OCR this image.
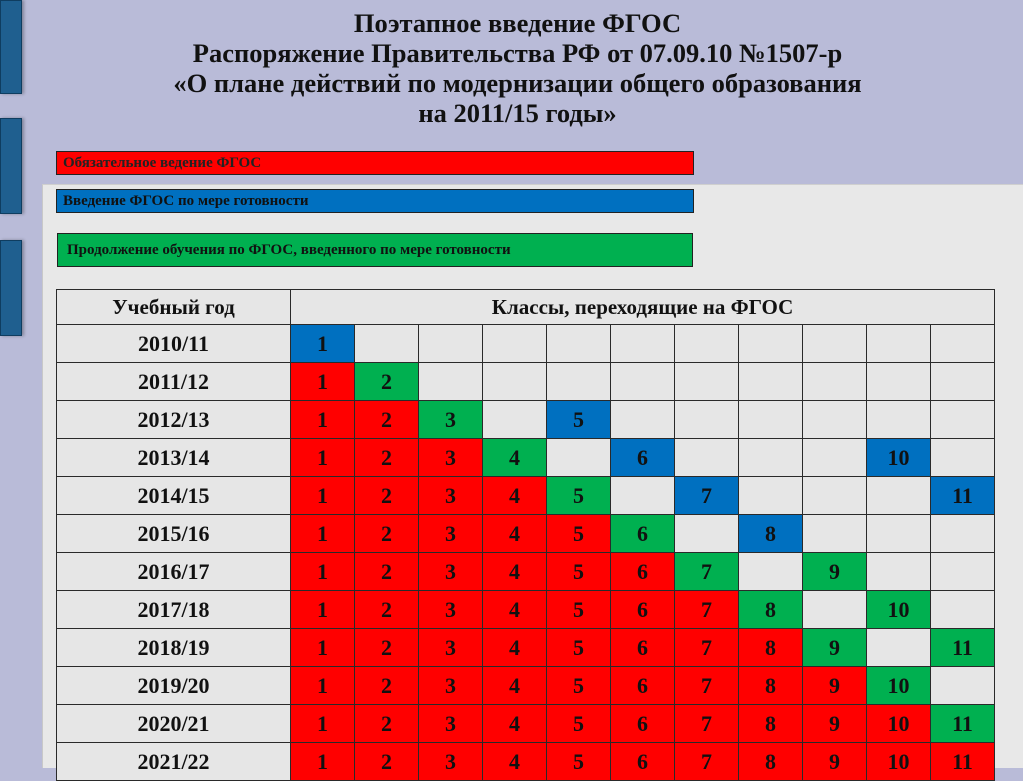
Поэтапное введение ФГОС
Распоряжение Правительства РФ от 07.09.10 №1507-р
«О плане действий по модернизации общего образования
на 2011/15 годы»
Обязательное ведение ФГОС
Введение ФГОС по мере готовности
Продолжение обучения по ФГОС, введенного по мере готовности
Учебный год	Классы, переходящие на ФГОС										
2010/11	1										
2011/12	1	2									
2012/13	1	2	3		5						
2013/14	1	2	3	4		6				10	
2014/15	1	2	3	4	5		7				11
2015/16	1	2	3	4	5	6		8			
2016/17	1	2	3	4	5	6	7		9		
2017/18	1	2	3	4	5	6	7	8		10	
2018/19	1	2	3	4	5	6	7	8	9		11
2019/20	1	2	3	4	5	6	7	8	9	10	
2020/21	1	2	3	4	5	6	7	8	9	10	11
2021/22	1	2	3	4	5	6	7	8	9	10	11
